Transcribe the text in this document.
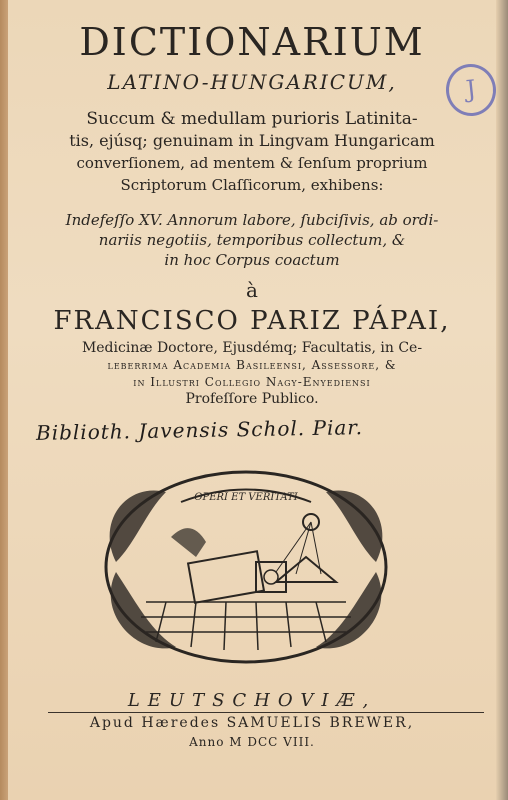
DICTIONARIUM
LATINO-HUNGARICUM,	J
Succum & medullam purioris Latinita-
tis, ejúsq; genuinam in Lingvam Hungaricam
converſionem, ad mentem & ſenſum proprium
Scriptorum Claſſicorum, exhibens:
Indefeſſo XV. Annorum labore, ſubciſivis, ab ordi-
nariis negotiis, temporibus collectum, &
in hoc Corpus coactum
à
FRANCISCO PARIZ PÁPAI,
Medicinæ Doctore, Ejusdémq; Facultatis, in Ce-
leberrima Academia Basileensi, Aſſeſſore, &
in Illuſtri Collegio Nagy-Enyediensi
Profeſſore Publico.
Biblioth. Javensis Schol. Piar.
OPERI ET VERITATI
LEUTSCHOVIÆ,
Apud Hæredes SAMUELIS BREWER,
Anno M DCC VIII.
